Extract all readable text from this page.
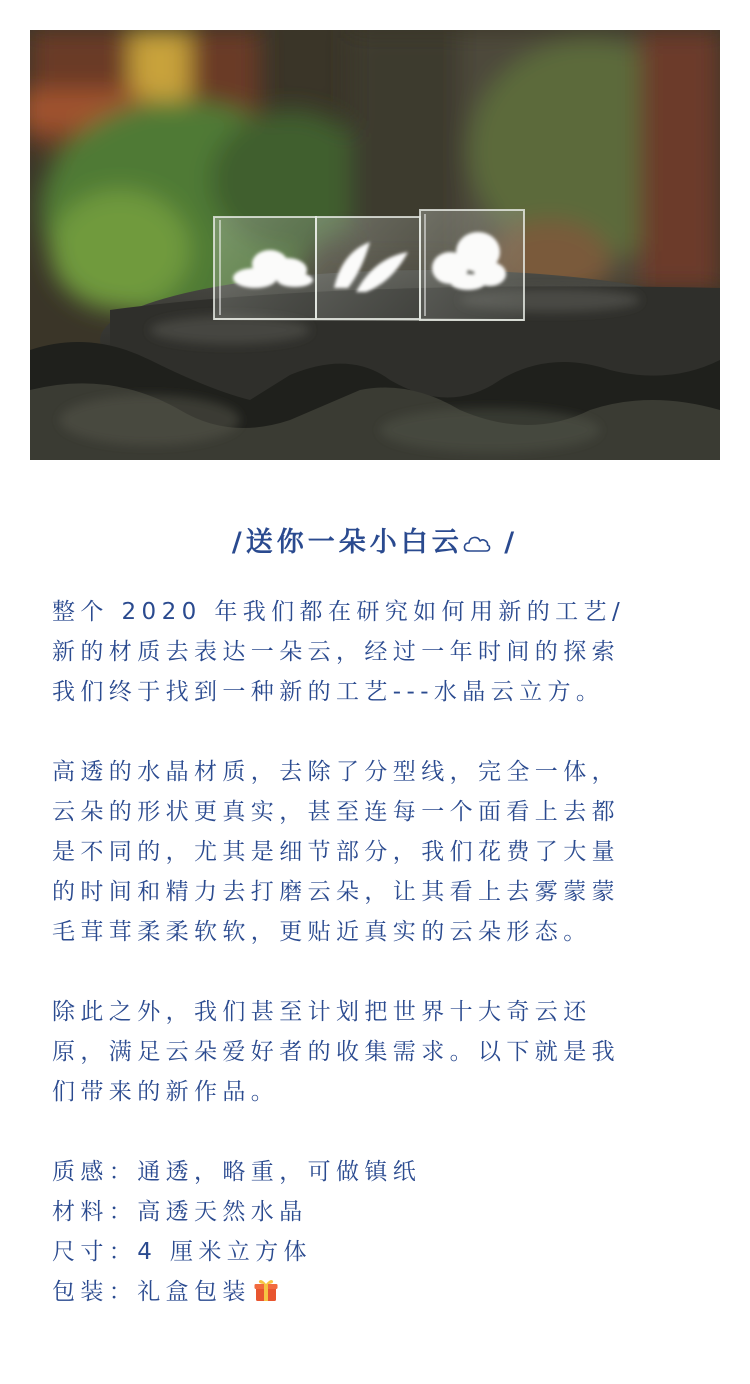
/送你一朵小白云 /
整个 2020 年我们都在研究如何用新的工艺/
新的材质去表达一朵云，经过一年时间的探索
我们终于找到一种新的工艺---水晶云立方。
高透的水晶材质，去除了分型线，完全一体，
云朵的形状更真实，甚至连每一个面看上去都
是不同的，尤其是细节部分，我们花费了大量
的时间和精力去打磨云朵，让其看上去雾蒙蒙
毛茸茸柔柔软软，更贴近真实的云朵形态。
除此之外，我们甚至计划把世界十大奇云还
原，满足云朵爱好者的收集需求。以下就是我
们带来的新作品。
质感：通透，略重，可做镇纸
材料：高透天然水晶
尺寸：4 厘米立方体
包装：礼盒包装
